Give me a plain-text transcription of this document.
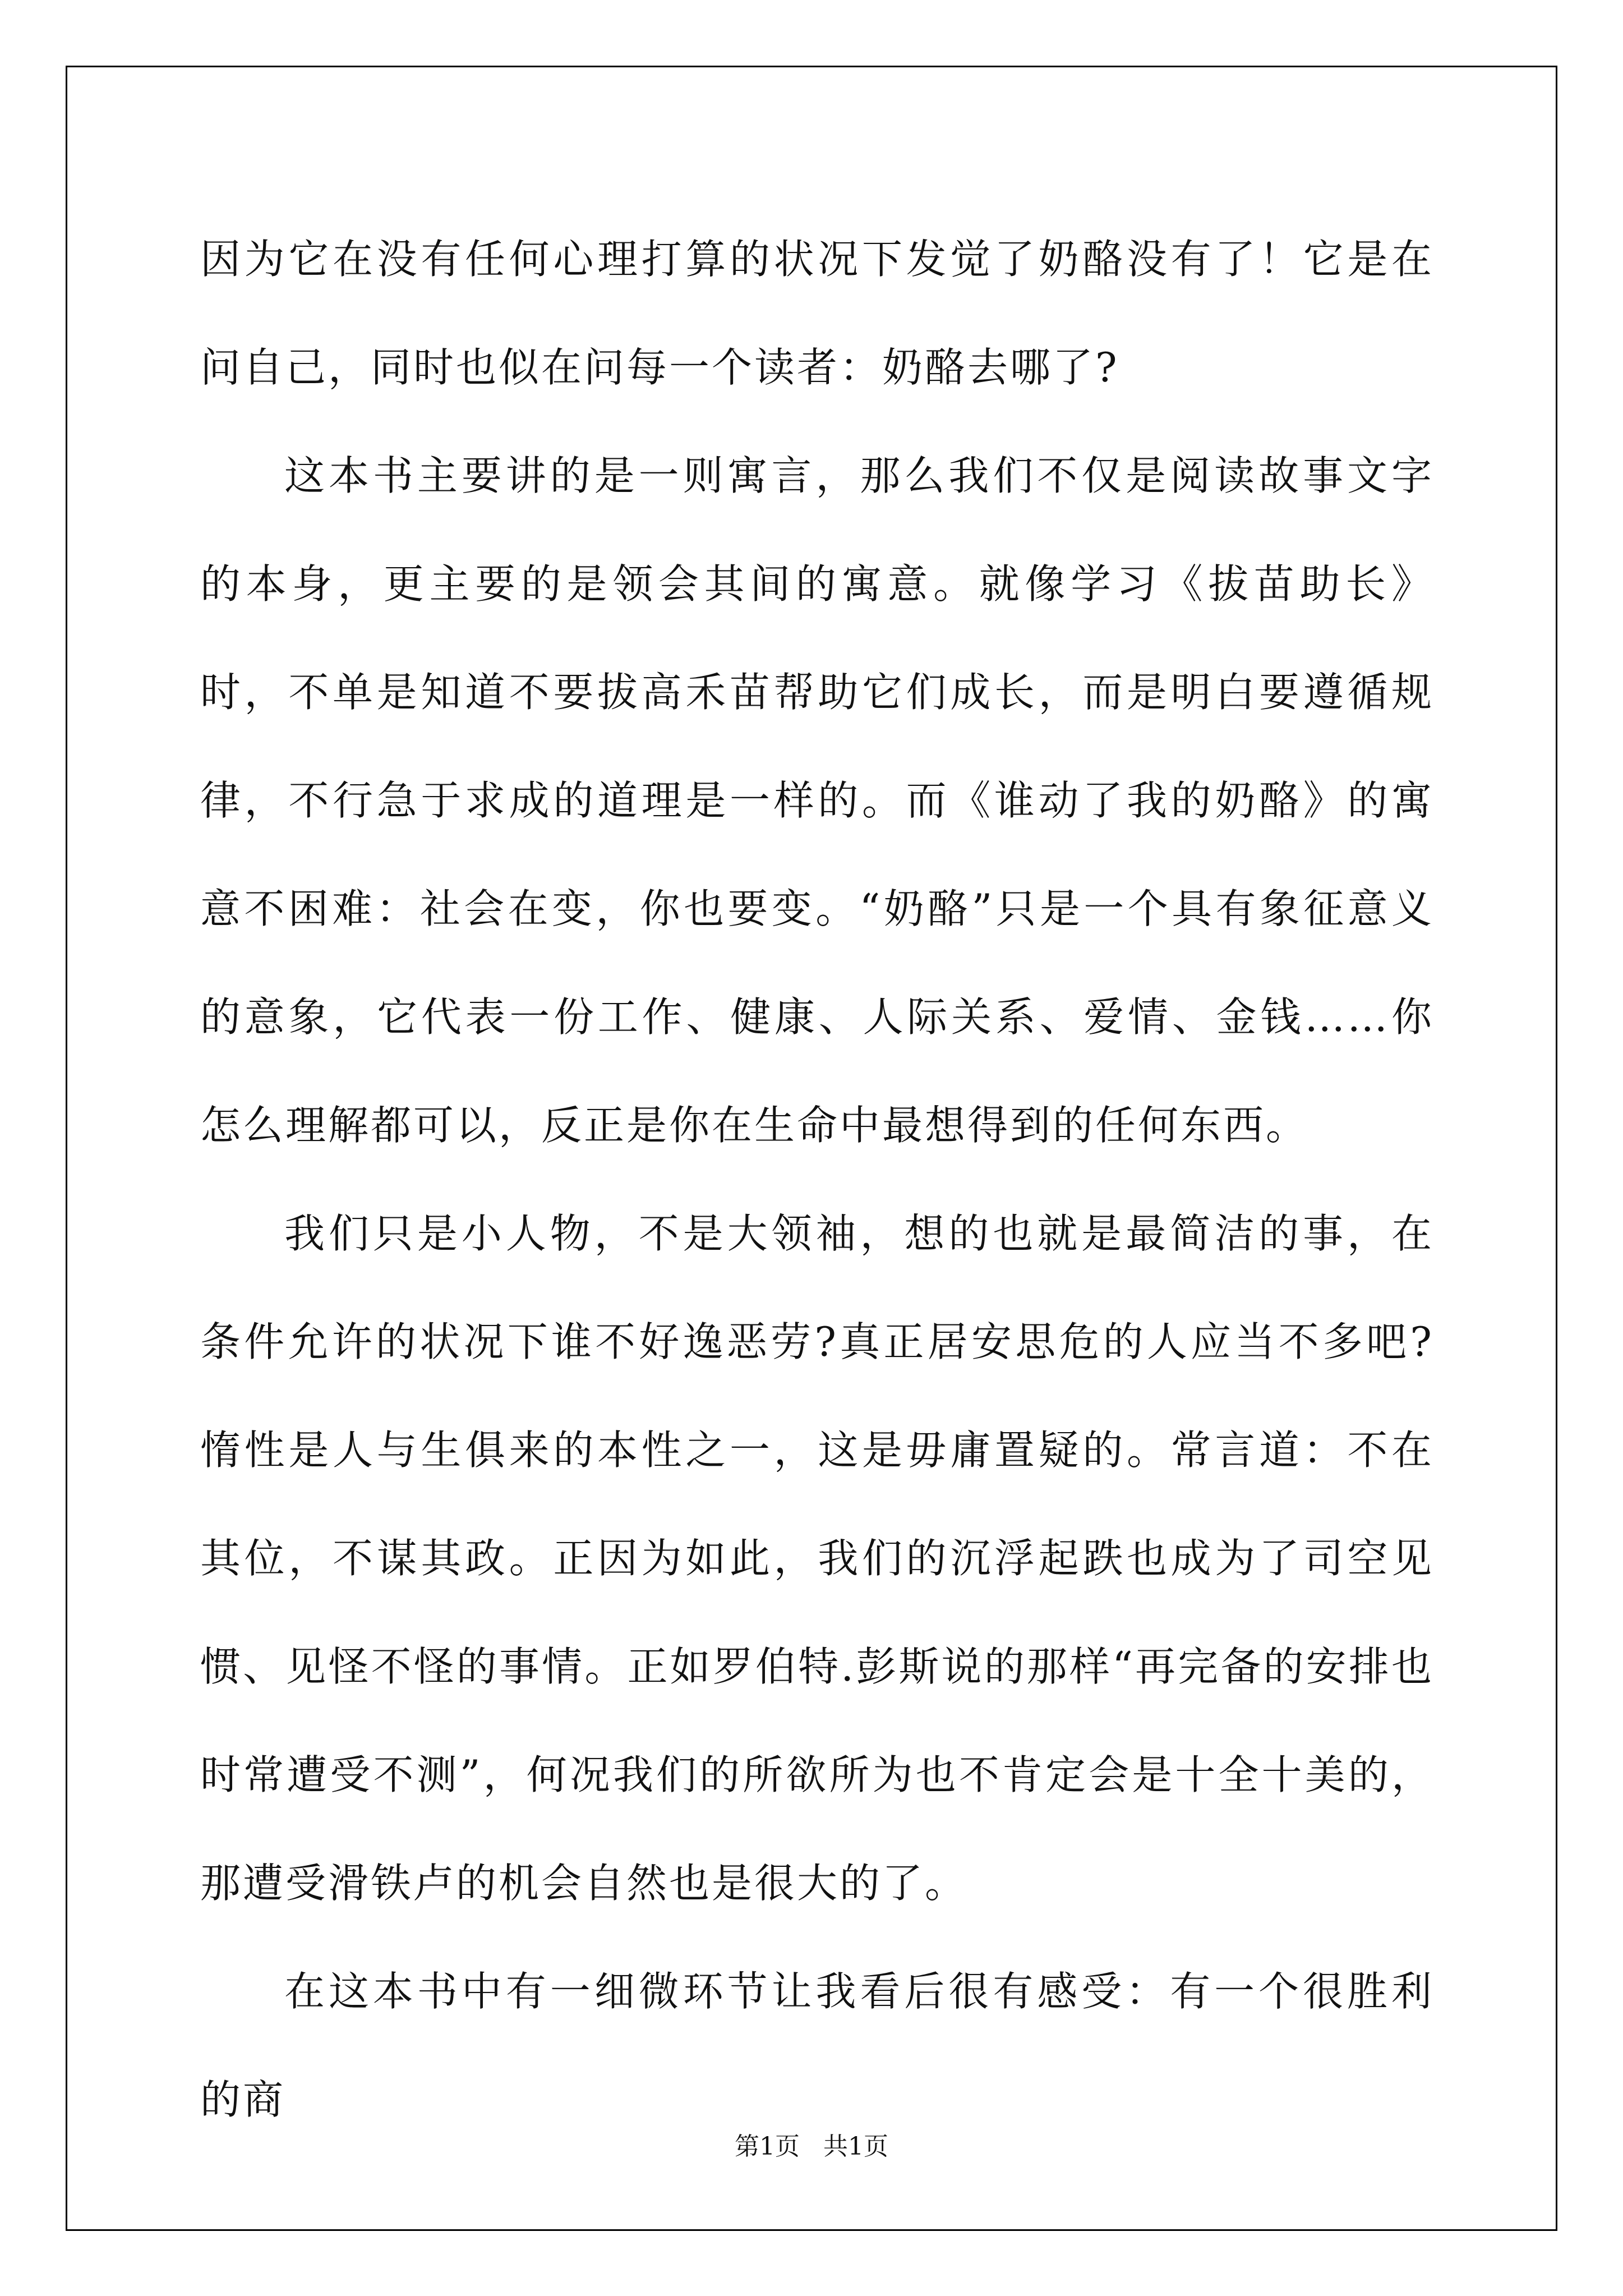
因为它在没有任何心理打算的状况下发觉了奶酪没有了！它是在问自己，同时也似在问每一个读者：奶酪去哪了?

这本书主要讲的是一则寓言，那么我们不仅是阅读故事文字的本身，更主要的是领会其间的寓意。就像学习《拔苗助长》时，不单是知道不要拔高禾苗帮助它们成长，而是明白要遵循规律，不行急于求成的道理是一样的。而《谁动了我的奶酪》的寓意不困难：社会在变，你也要变。“奶酪”只是一个具有象征意义的意象，它代表一份工作、健康、人际关系、爱情、金钱……你怎么理解都可以，反正是你在生命中最想得到的任何东西。

我们只是小人物，不是大领袖，想的也就是最简洁的事，在条件允许的状况下谁不好逸恶劳?真正居安思危的人应当不多吧?惰性是人与生俱来的本性之一，这是毋庸置疑的。常言道：不在其位，不谋其政。正因为如此，我们的沉浮起跌也成为了司空见惯、见怪不怪的事情。正如罗伯特.彭斯说的那样“再完备的安排也时常遭受不测”，何况我们的所欲所为也不肯定会是十全十美的，那遭受滑铁卢的机会自然也是很大的了。

在这本书中有一细微环节让我看后很有感受：有一个很胜利的商

第1页   共1页
